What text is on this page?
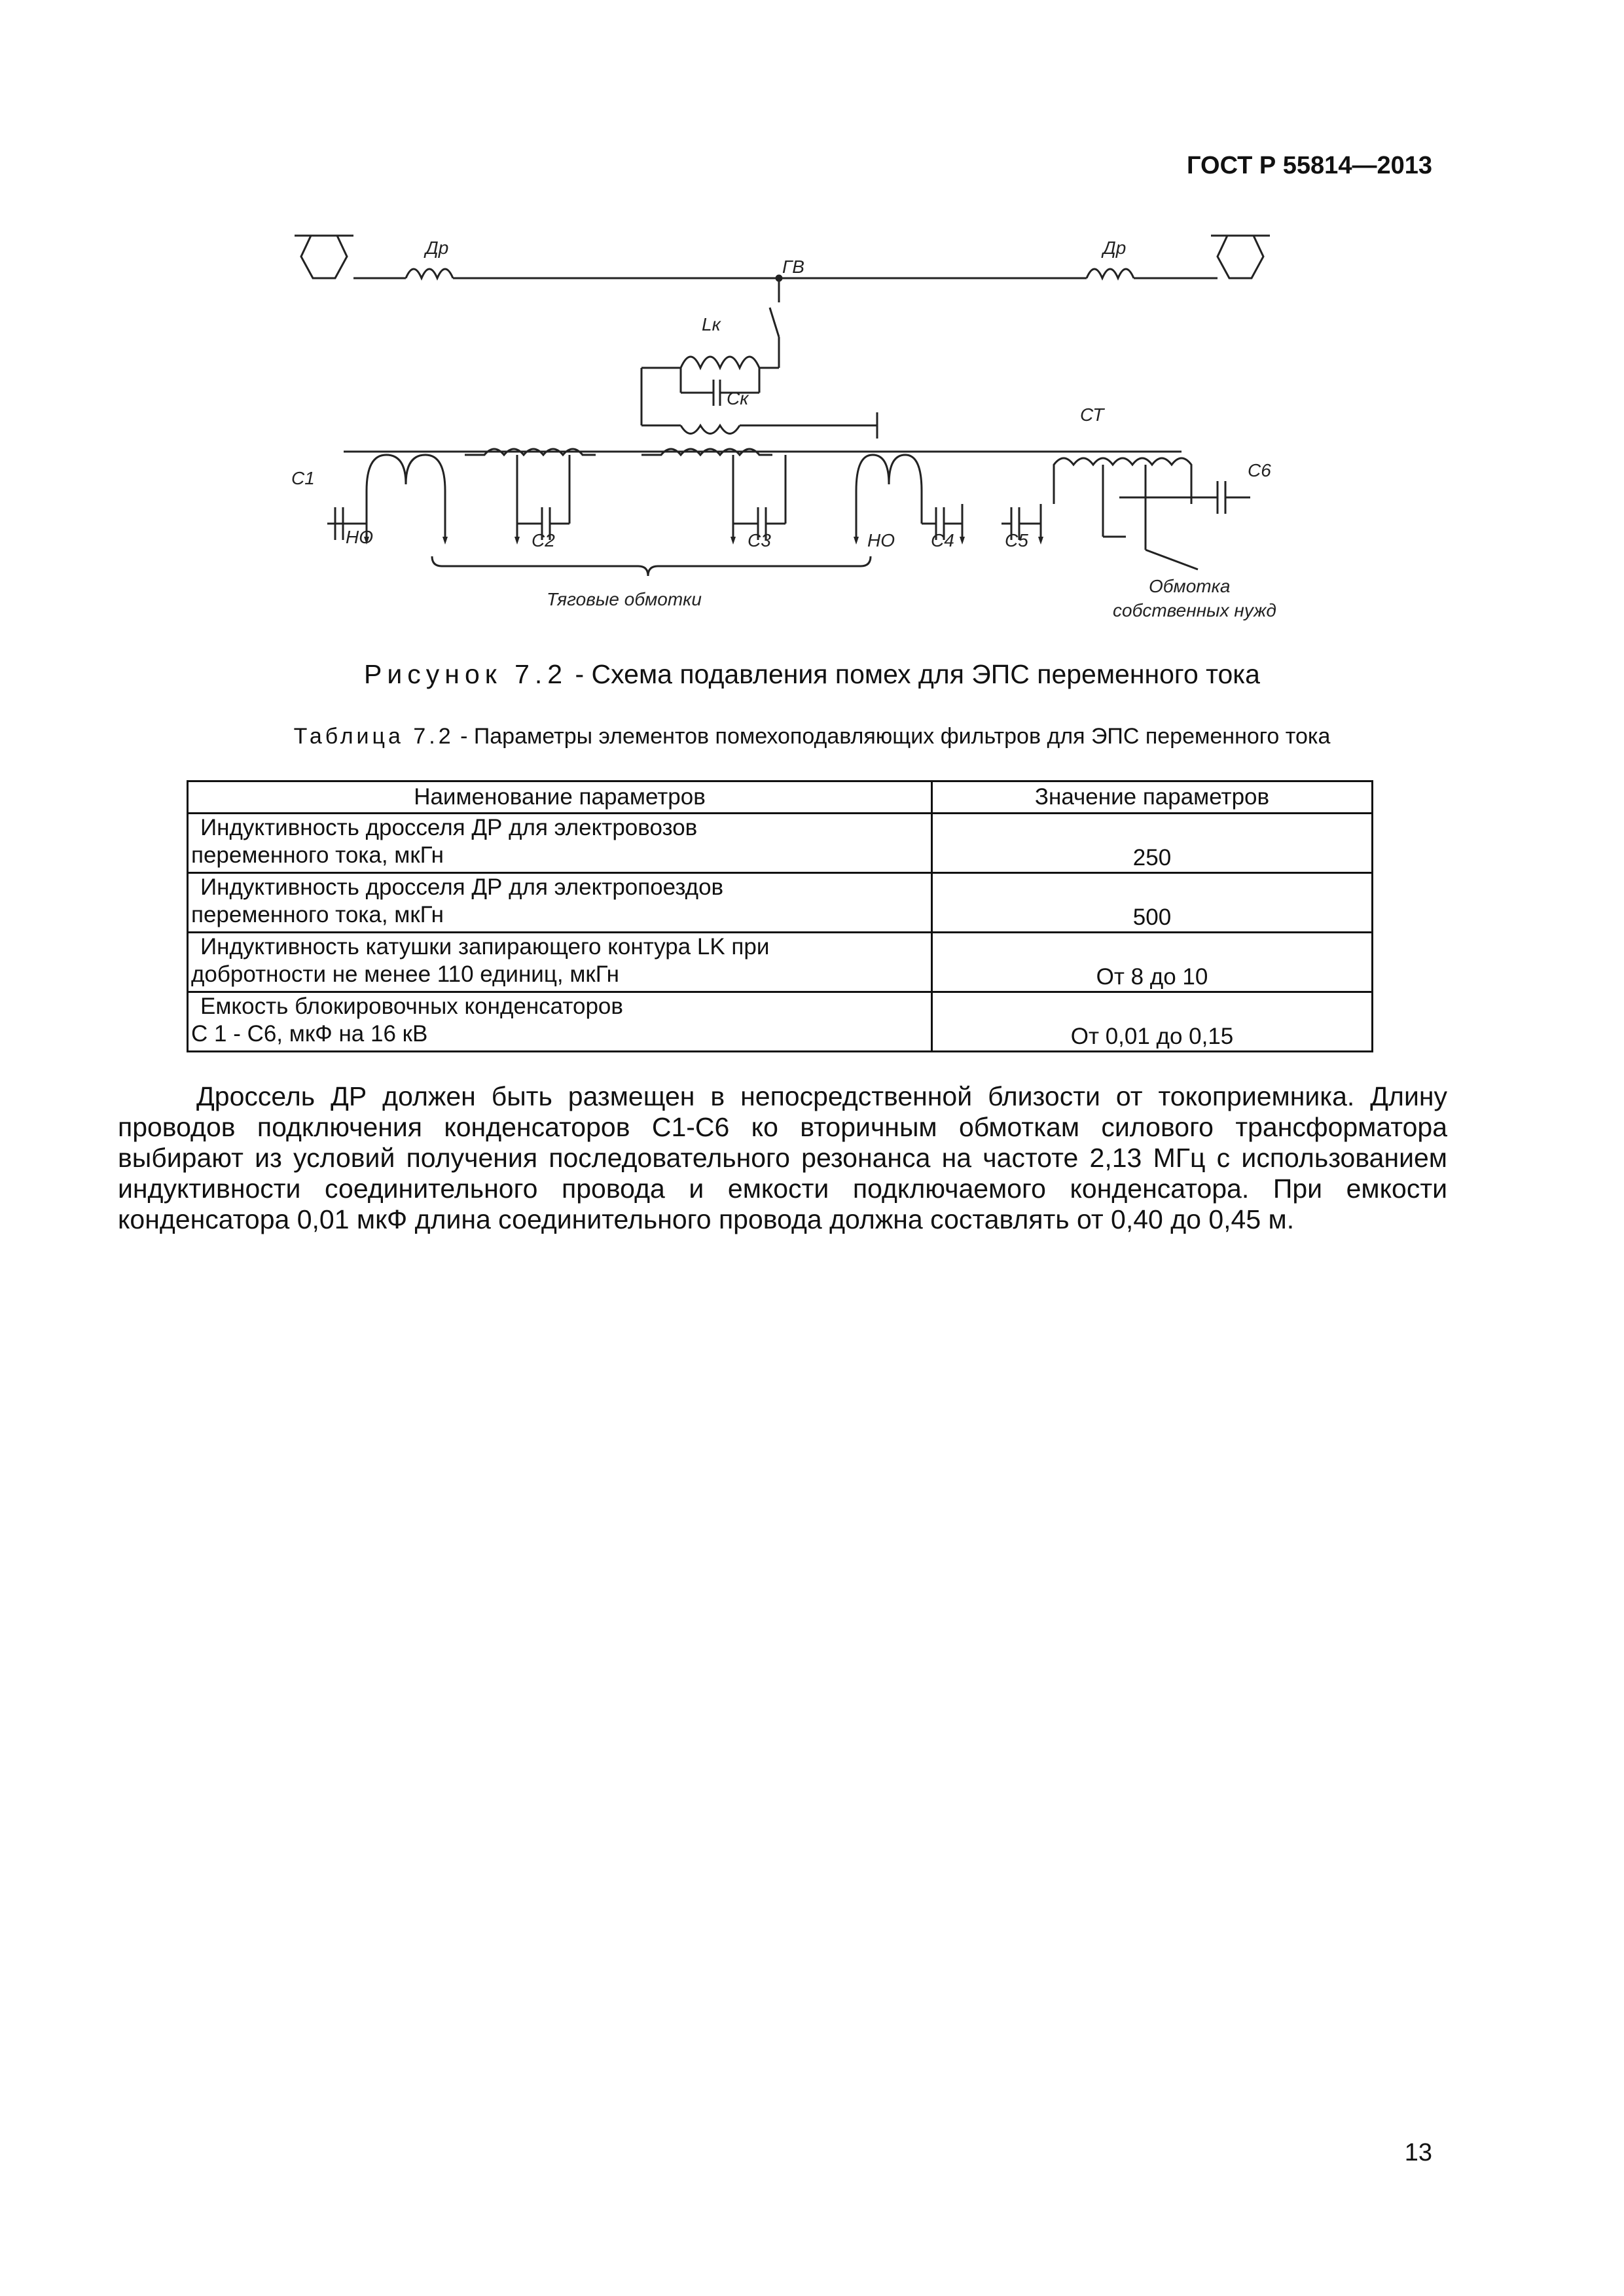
ГОСТ Р 55814—2013
Др	Др
ГВ
Lк
Cк
СТ
C1
НО	C2	C3	НО C4	C5
C6
Тяговые обмотки
Обмотка
собственных нужд
Рисунок 7.2 - Схема подавления помех для ЭПС переменного тока
Таблица 7.2 - Параметры элементов помехоподавляющих фильтров для ЭПС переменного тока
Наименование параметров	Значение параметров

Индуктивность дросселя ДР для электровозов
переменного тока, мкГн	250

Индуктивность дросселя ДР для электропоездов
переменного тока, мкГн	500

Индуктивность катушки запирающего контура LK при
добротности не менее 110 единиц, мкГн	От 8 до 10

Емкость блокировочных конденсаторов
С 1 - С6, мкФ на 16 кВ	От 0,01 до 0,15

Дроссель ДР должен быть размещен в непосредственной близости от токоприемника. Длину проводов подключения конденсаторов С1-С6 ко вторичным обмоткам силового трансформатора выбирают из условий получения последовательного резонанса на частоте 2,13 МГц с использованием индуктивности соединительного провода и емкости подключаемого конденсатора. При емкости конденсатора 0,01 мкФ длина соединительного провода должна составлять от 0,40 до 0,45 м.

13
